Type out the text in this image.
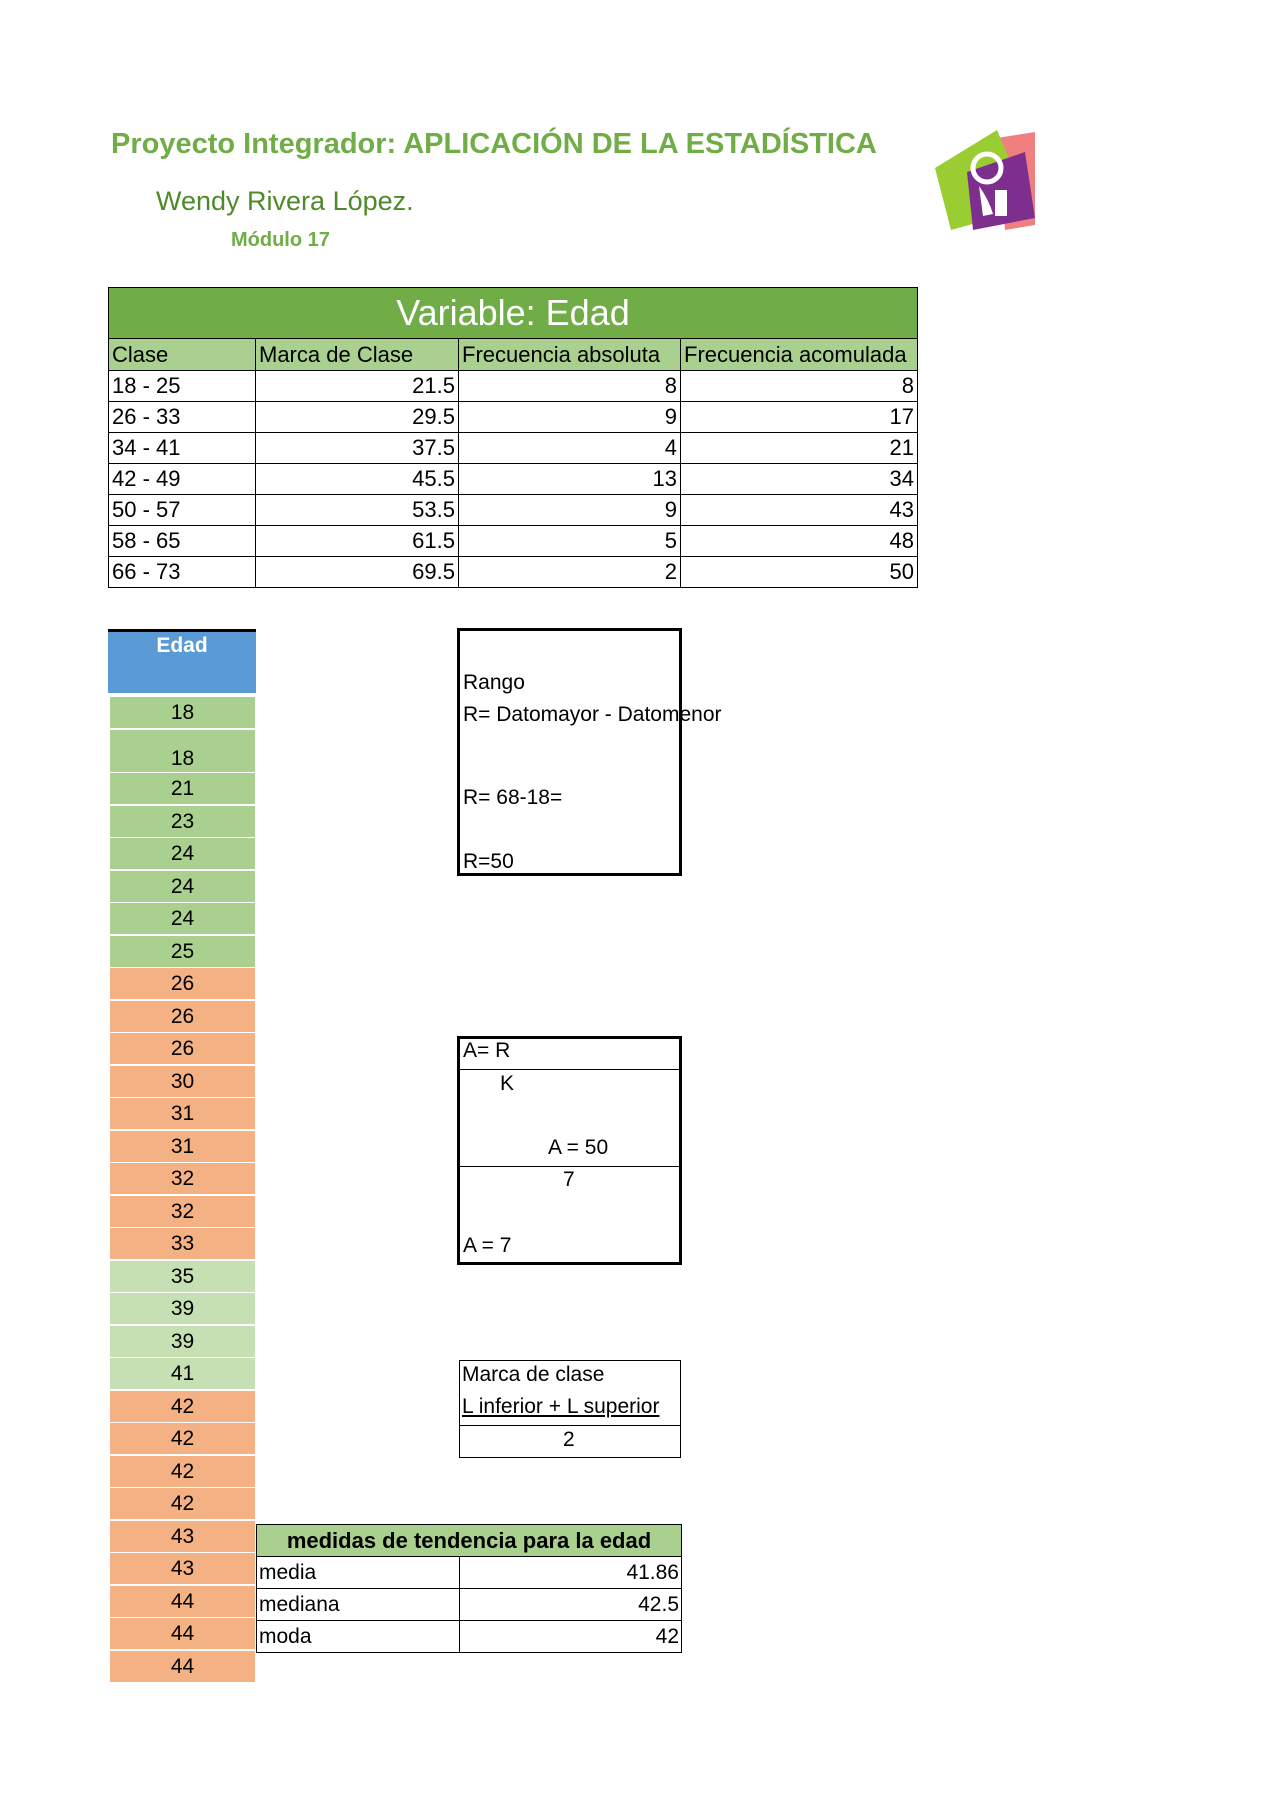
Proyecto Integrador: APLICACIÓN DE LA ESTADÍSTICA
Wendy Rivera López.
Módulo 17
Variable: Edad			
Clase	Marca de Clase	Frecuencia absoluta	Frecuencia acomulada
18 - 25	21.5	8	8
26 - 33	29.5	9	17
34 - 41	37.5	4	21
42 - 49	45.5	13	34
50 - 57	53.5	9	43
58 - 65	61.5	5	48
66 - 73	69.5	2	50
Edad
18
18
21
23
24
24
24
25
26
26
26
30
31
31
32
32
33
35
39
39
41
42
42
42
42
43
43
44
44
44
Rango
R= Datomayor - Datomenor
R= 68-18=
R=50
A= R
K
A = 50
7
A = 7
Marca de clase
L inferior + L superior
2
medidas de tendencia para la edad	
media	41.86
mediana	42.5
moda	42
